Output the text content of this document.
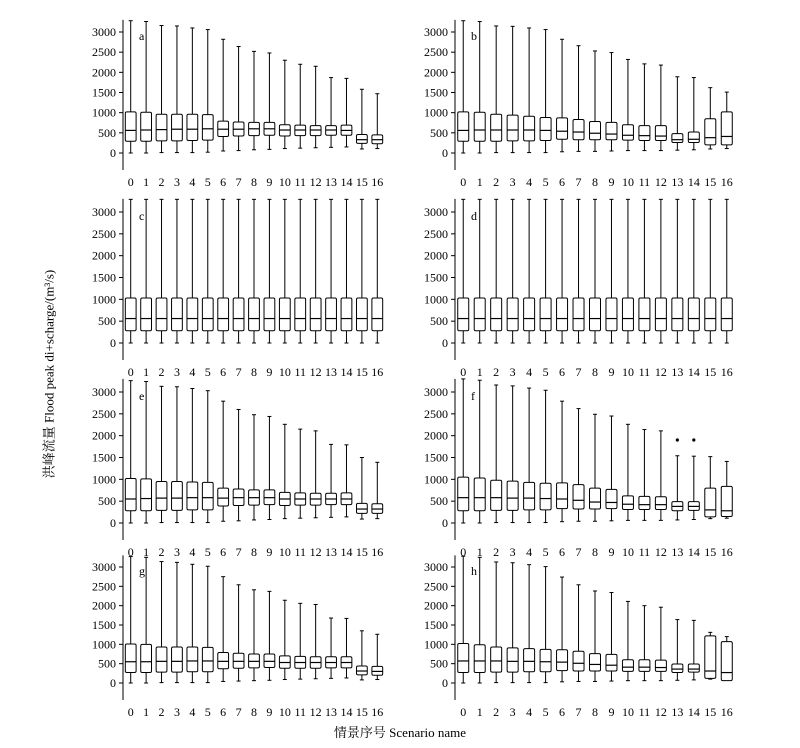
0
500
1000
1500
2000
2500
3000 a
0 1 2 3 4 5 6 7 8 9 10 11 12 13 14 15 16
0
500
1000
1500
2000
2500
3000 b
0 1 2 3 4 5 6 7 8 9 10 11 12 13 14 15 16
0
500
1000
1500
2000
2500
3000 c
0 1 2 3 4 5 6 7 8 9 10 11 12 13 14 15 16
0
500
1000
1500
2000
2500
3000 d
0 1 2 3 4 5 6 7 8 9 10 11 12 13 14 15 16
0
500
1000
1500
2000
2500
3000 e
0 1 2 3 4 5 6 7 8 9 10 11 12 13 14 15 16
0
500
1000
1500
2000
2500
3000 f
0 1 2 3 4 5 6 7 8 9 10 11 12 13 14 15 16
0
500
1000
1500
2000
2500
3000 g
0 1 2 3 4 5 6 7 8 9 10 11 12 13 14 15 16
0
500
1000
1500
2000
2500
3000 h
0 1 2 3 4 5 6 7 8 9 10 11 12 13 14 15 16
洪峰流量 Flood peak di+scharge/(m³/s)
情景序号 Scenario name
